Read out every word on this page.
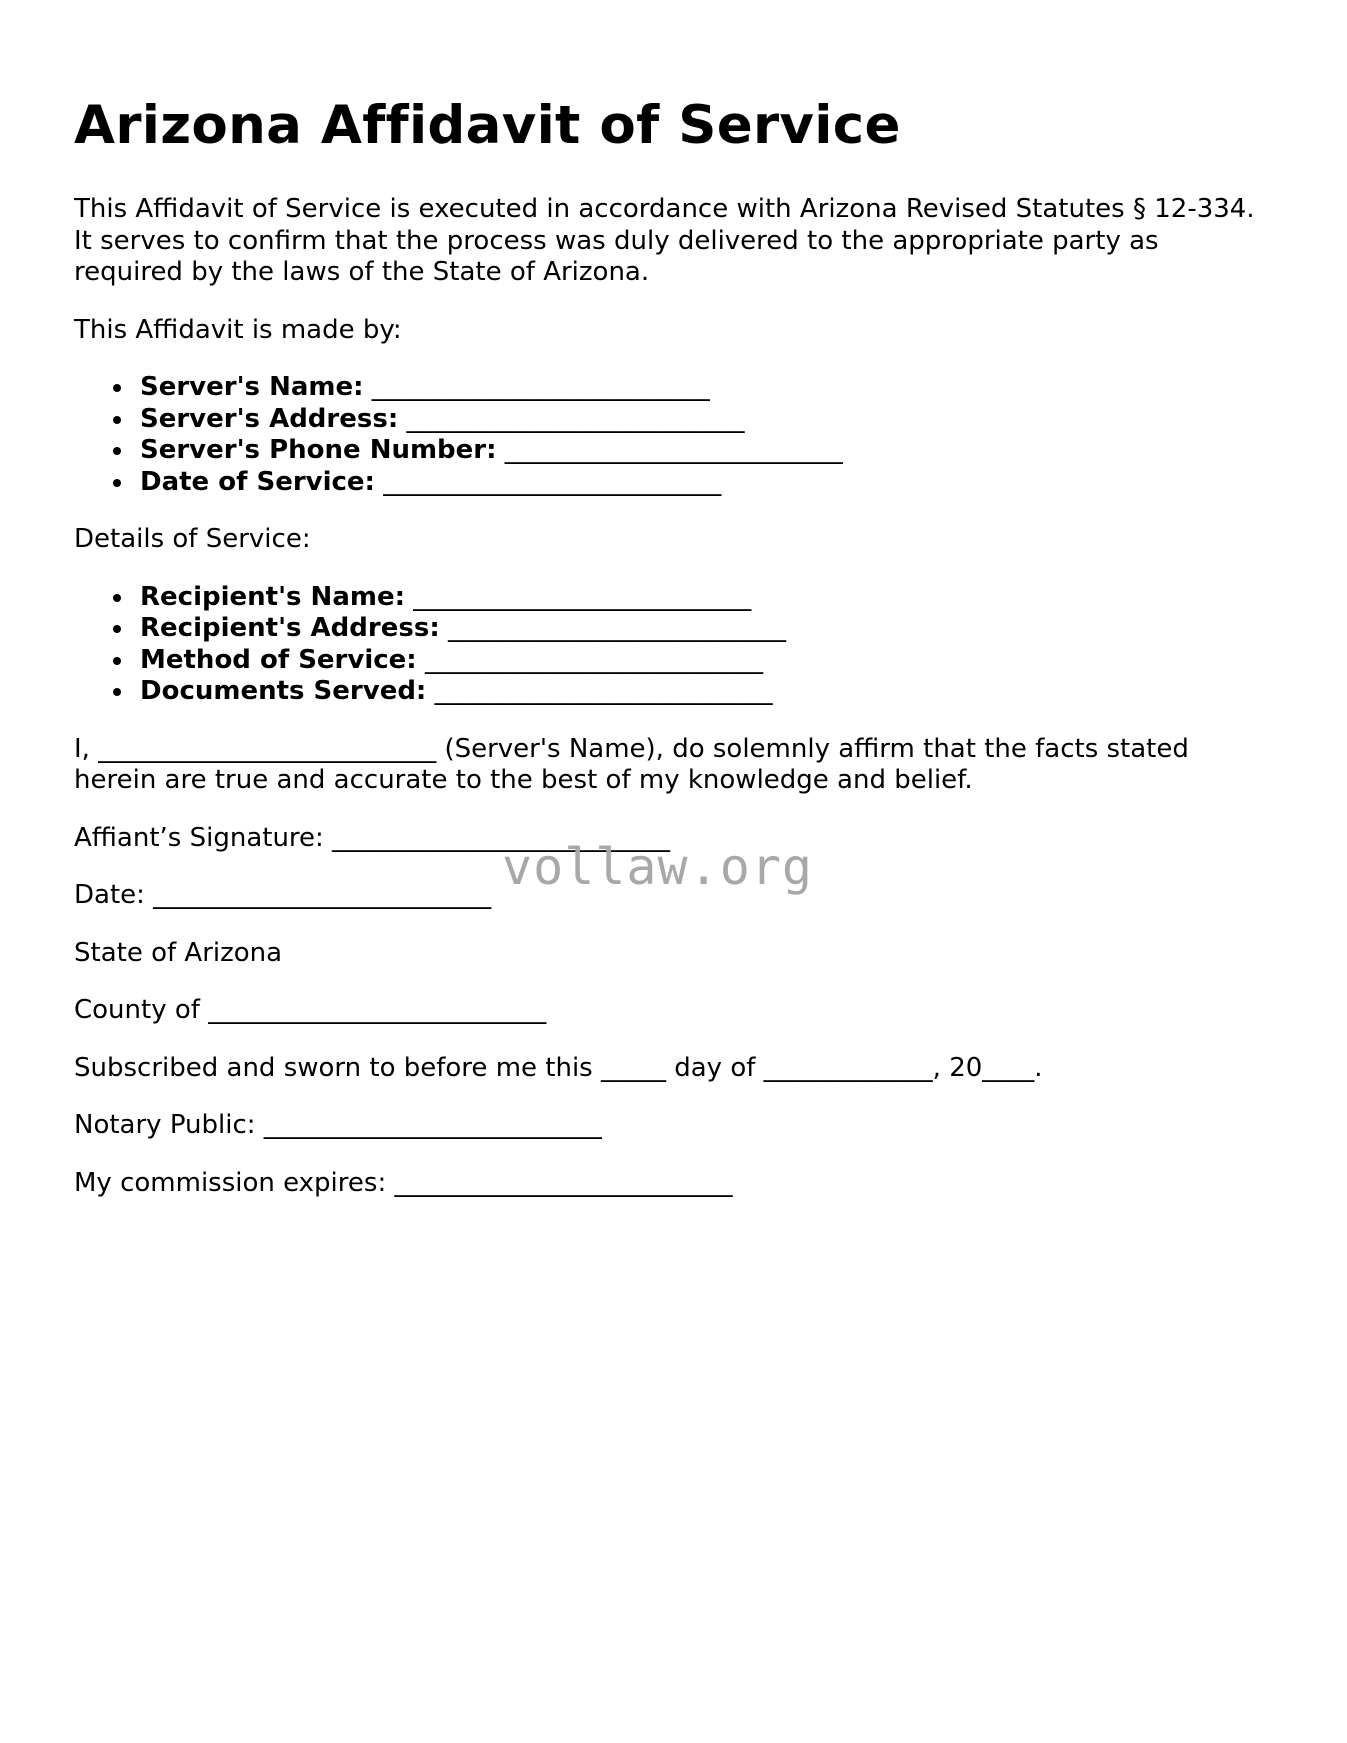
Arizona Affidavit of Service

This Affidavit of Service is executed in accordance with Arizona Revised Statutes § 12-334. It serves to confirm that the process was duly delivered to the appropriate party as required by the laws of the State of Arizona.

This Affidavit is made by:

Server's Name: __________________________
Server's Address: __________________________
Server's Phone Number: __________________________
Date of Service: __________________________

Details of Service:

Recipient's Name: __________________________
Recipient's Address: __________________________
Method of Service: __________________________
Documents Served: __________________________

I, __________________________ (Server's Name), do solemnly affirm that the facts stated herein are true and accurate to the best of my knowledge and belief.

Affiant’s Signature: __________________________

Date: __________________________

State of Arizona

County of __________________________

Subscribed and sworn to before me this _____ day of _____________, 20____.

Notary Public: __________________________

My commission expires: __________________________

vollaw.org
